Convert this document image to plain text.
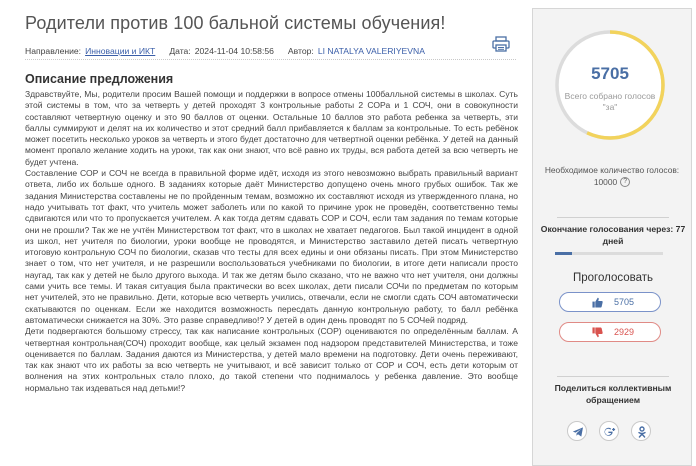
Родители против 100 бальной системы обучения!
Направление: Инновации и ИКТ Дата: 2024-11-04 10:58:56 Автор: LI NATALYA VALERIYEVNA
Описание предложения

Здравствуйте, Мы, родители просим Вашей помощи и поддержки в вопросе отмены 100балльной системы в школах. Суть этой системы в том, что за четверть у детей проходят 3 контрольные работы 2 СОРа и 1 СОЧ, они в совокупности составляют четвертную оценку и это 90 баллов от оценки. Остальные 10 баллов это работа ребенка за четверть, эти баллы суммируют и делят на их количество и этот средний балл прибавляется к баллам за контрольные. То есть ребёнок может посетить несколько уроков за четверть и этого будет достаточно для четвертной оценки ребёнка. У детей на данный момент пропало желание ходить на уроки, так как они знают, что всё равно их труды, вся работа детей за всю четверть не будет учтена.

Составление СОР и СОЧ не всегда в правильной форме идёт, исходя из этого невозможно выбрать правильный вариант ответа, либо их больше одного. В заданиях которые даёт Министерство допущено очень много грубых ошибок. Так же задания Министерства составлены не по пройденным темам, возможно их составляют исходя из утвержденного плана, но надо учитывать тот факт, что учитель может заболеть или по какой то причине урок не проведён, соответственно темы сдвигаются или что то пропускается учителем. А как тогда детям сдавать СОР и СОЧ, если там задания по темам которые они не прошли? Так же не учтён Министерством тот факт, что в школах не хватает педагогов. Был такой инцидент в одной из школ, нет учителя по биологии, уроки вообще не проводятся, и Министерство заставило детей писать четвертную итоговую контрольную СОЧ по биологии, сказав что тесты для всех едины и они обязаны писать. При этом Министерство знает о том, что нет учителя, и не разрешили воспользоваться учебниками по биологии, в итоге дети написали просто наугад, так как у детей не было другого выхода. И так же детям было сказано, что не важно что нет учителя, они должны сами учить все темы. И такая ситуация была практически во всех школах, дети писали СОЧи по предметам по которым нет учителей, это не правильно. Дети, которые всю четверть учились, отвечали, если не смогли сдать СОЧ автоматически скатываются по оценкам. Если же находится возможность пересдать данную контрольную работу, то балл ребёнка автоматически снижается на 30%. Это разве справедливо!? У детей в один день проводят по 5 СОЧей подряд.

Дети подвергаются большому стрессу, так как написание контрольных (СОР) оцениваются по определённым баллам. А четвертная контрольная(СОЧ) проходит вообще, как целый экзамен под надзором представителей Министерства, и тоже оценивается по баллам. Задания даются из Министерства, у детей мало времени на подготовку. Дети очень переживают, так как знают что их работы за всю четверть не учитывают, и всё зависит только от СОР и СОЧ, есть дети которым от волнения на этих контрольных стало плохо, до такой степени что поднималось у ребенка давление. Это вообще нормально так издеваться над детьми!?

5705
Всего собрано голосов "за"
Необходимое количество голосов: 10000 ?
Окончание голосования через: 77 дней
Проголосовать
5705
2929
Поделиться коллективным обращением
